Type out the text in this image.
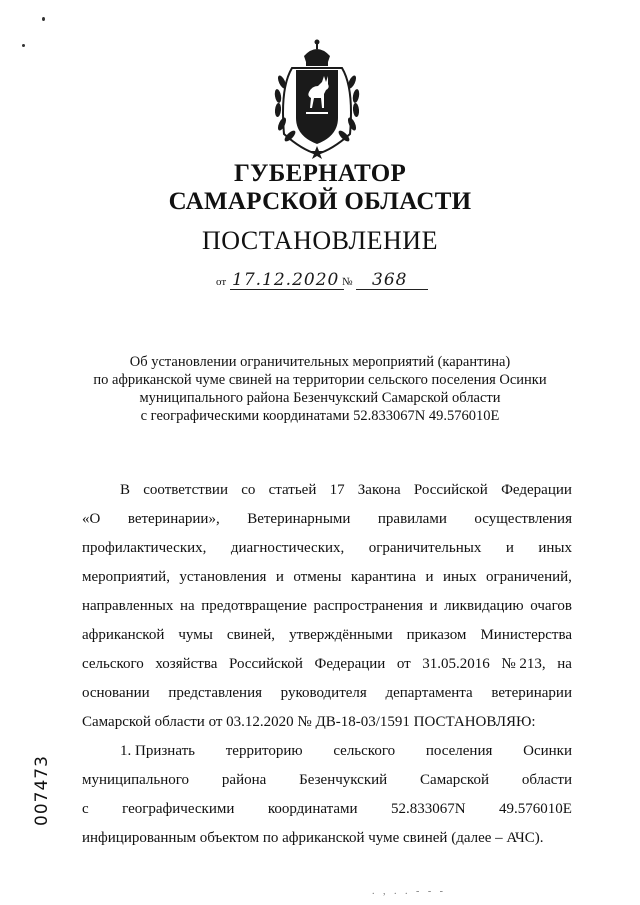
ГУБЕРНАТОР
САМАРСКОЙ ОБЛАСТИ
ПОСТАНОВЛЕНИЕ
от 17.12.2020 № 368
Об установлении ограничительных мероприятий (карантина)
по африканской чуме свиней на территории сельского поселения Осинки
муниципального района Безенчукский Самарской области
с географическими координатами 52.833067N 49.576010E
В соответствии со статьей 17 Закона Российской Федерации
«О ветеринарии», Ветеринарными правилами осуществления
профилактических, диагностических, ограничительных и иных
мероприятий, установления и отмены карантина и иных ограничений,
направленных на предотвращение распространения и ликвидацию очагов
африканской чумы свиней, утверждёнными приказом Министерства
сельского хозяйства Российской Федерации от 31.05.2016 № 213, на
основании представления руководителя департамента ветеринарии
Самарской области от 03.12.2020 № ДВ-18-03/1591 ПОСТАНОВЛЯЮ:
1. Признать территорию сельского поселения Осинки
муниципального района Безенчукский Самарской области
с географическими координатами 52.833067N 49.576010E
инфицированным объектом по африканской чуме свиней (далее – АЧС).
007473
. , . . - - -
